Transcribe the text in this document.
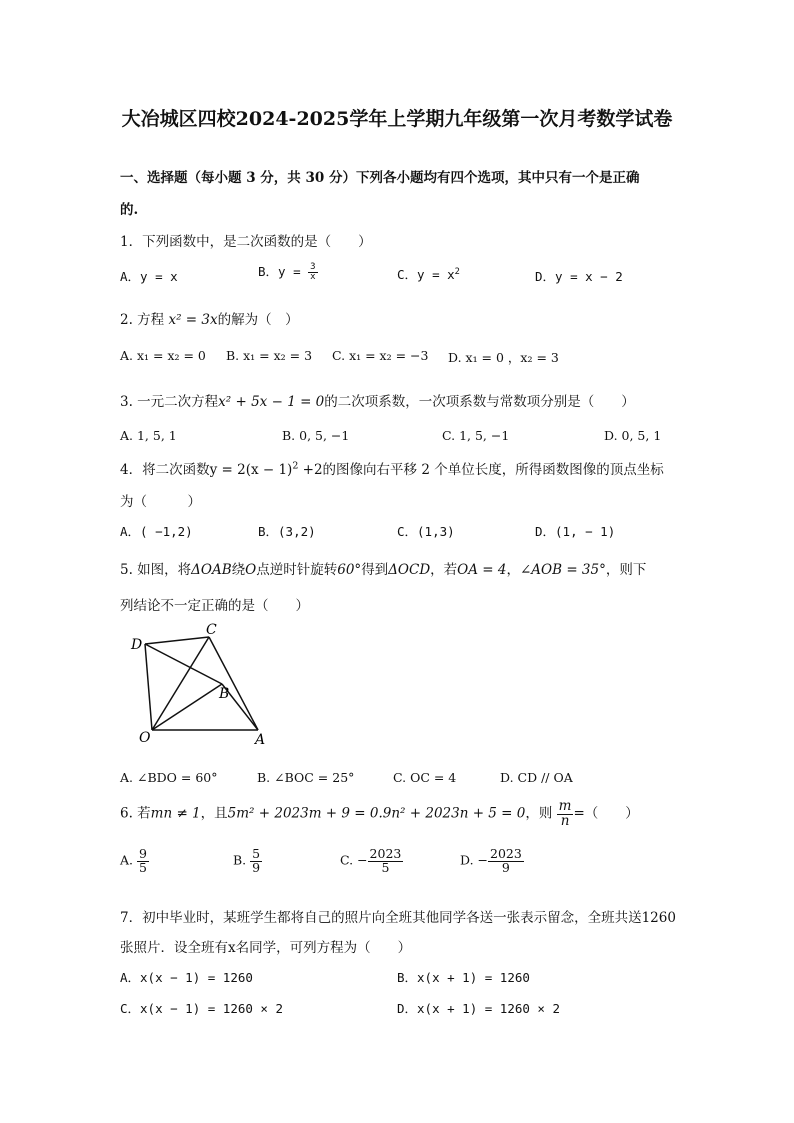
大冶城区四校2024-2025学年上学期九年级第一次月考数学试卷
一、选择题（每小题 3 分，共 30 分）下列各小题均有四个选项，其中只有一个是正确
的.
1．下列函数中，是二次函数的是（　　）
A．y = x	B．$y = \frac{3}{x}$	C．$y = x^2$	D．y = x − 2
2. 方程 x² = 3x的解为（　）
A. x₁ = x₂ = 0 B. x₁ = x₂ = 3 C. x₁ = x₂ = −3 D. x₁ = 0 ，x₂ = 3
3. 一元二次方程x² + 5x − 1 = 0的二次项系数，一次项系数与常数项分别是（　　）
A. 1, 5, 1	B. 0, 5, −1	C. 1, 5, −1	D. 0, 5, 1
4．将二次函数$y = 2(x - 1)^2 +2$的图像向右平移 2 个单位长度，所得函数图像的顶点坐标
为（　　　）
A．( −1,2)	B．(3,2)	C．(1,3)	D．(1, − 1)
5. 如图，将ΔOAB绕O点逆时针旋转60°得到ΔOCD，若OA = 4，∠AOB = 35°，则下
列结论不一定正确的是（　　）
D
C
B
O	A
A. ∠BDO = 60°	B. ∠BOC = 25°	C. OC = 4	D. CD // OA
6. 若mn ≠ 1，且5m² + 2023m + 9 = 0.9n² + 2023n + 5 = 0，则 $\frac{m}{n}$ =（　　）
A. $\frac{9}{5}$	B. $\frac{5}{9}$	C. − $\frac{2023}{5}$	D. − $\frac{2023}{9}$
7．初中毕业时，某班学生都将自己的照片向全班其他同学各送一张表示留念，全班共送1260
张照片．设全班有x名同学，可列方程为（　　）
A．x(x − 1) = 1260	B．x(x + 1) = 1260
C．x(x − 1) = 1260 × 2	D．x(x + 1) = 1260 × 2
